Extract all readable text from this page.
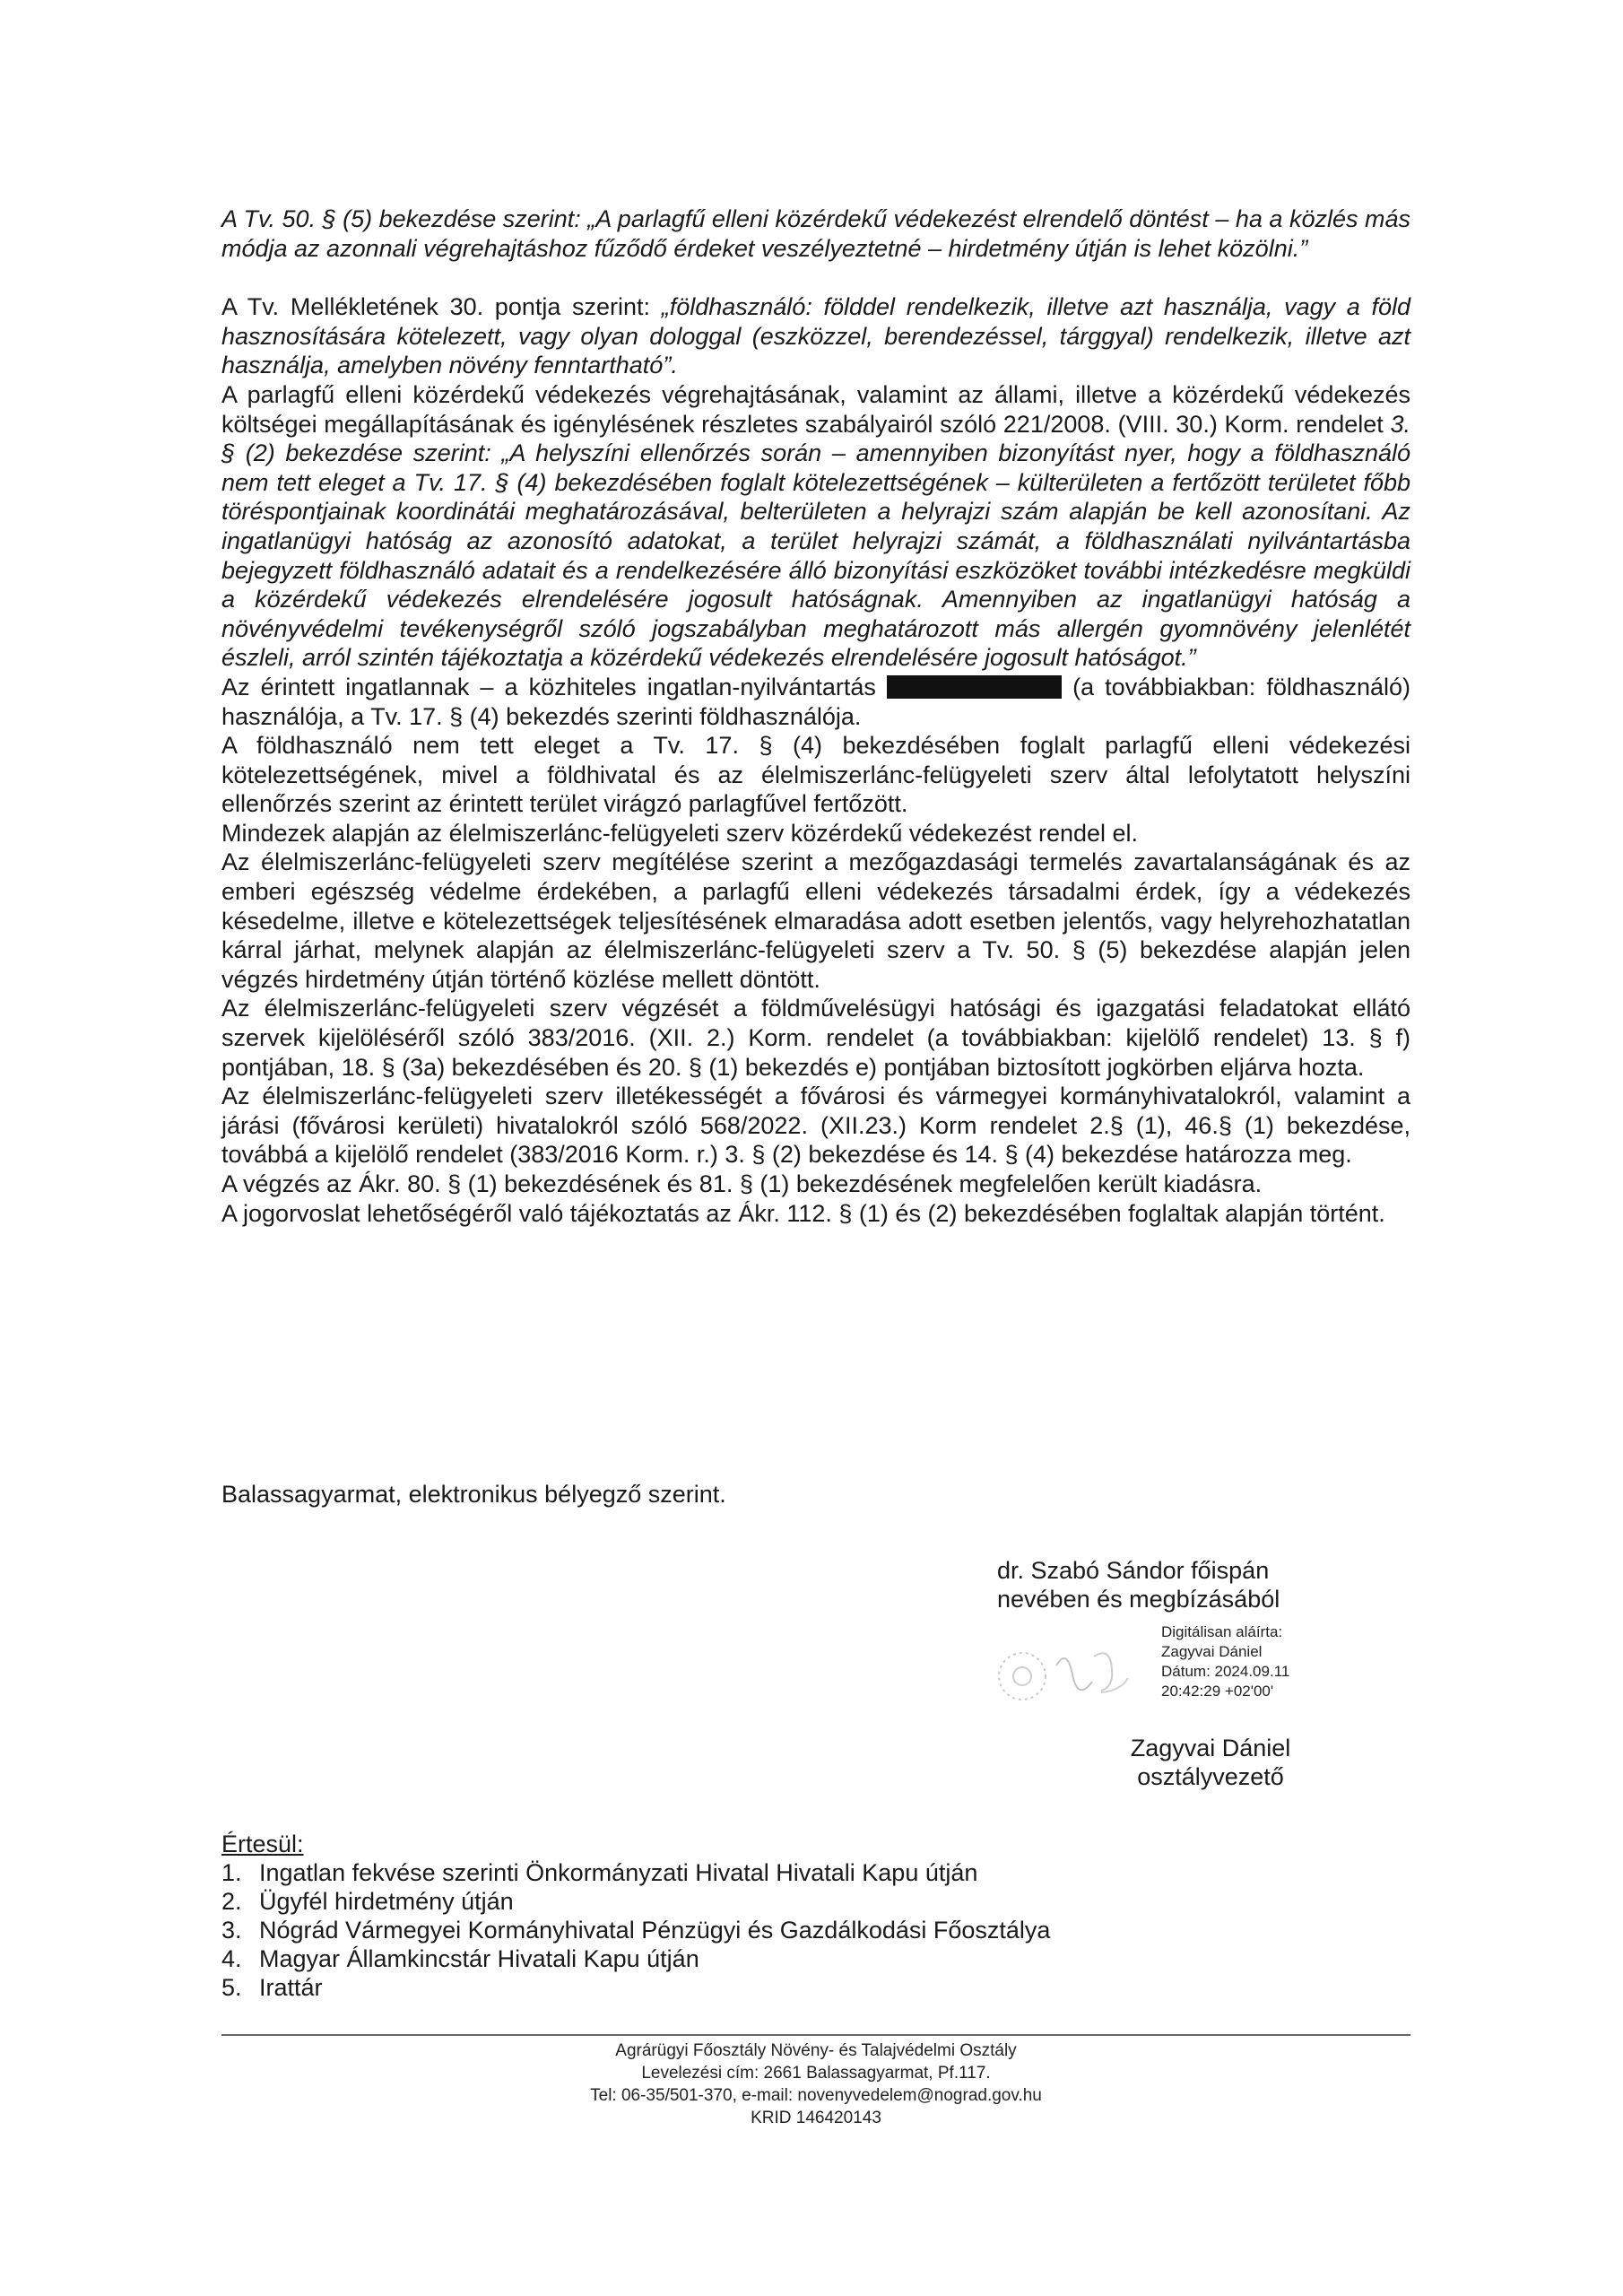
A Tv. 50. § (5) bekezdése szerint: „A parlagfű elleni közérdekű védekezést elrendelő döntést – ha a közlés más módja az azonnali végrehajtáshoz fűződő érdeket veszélyeztetné – hirdetmény útján is lehet közölni.”

A Tv. Mellékletének 30. pontja szerint: „földhasználó: földdel rendelkezik, illetve azt használja, vagy a föld hasznosítására kötelezett, vagy olyan dologgal (eszközzel, berendezéssel, tárggyal) rendelkezik, illetve azt használja, amelyben növény fenntartható”.

A parlagfű elleni közérdekű védekezés végrehajtásának, valamint az állami, illetve a közérdekű védekezés költségei megállapításának és igénylésének részletes szabályairól szóló 221/2008. (VIII. 30.) Korm. rendelet 3. § (2) bekezdése szerint: „A helyszíni ellenőrzés során – amennyiben bizonyítást nyer, hogy a földhasználó nem tett eleget a Tv. 17. § (4) bekezdésében foglalt kötelezettségének – külterületen a fertőzött területet főbb töréspontjainak koordinátái meghatározásával, belterületen a helyrajzi szám alapján be kell azonosítani. Az ingatlanügyi hatóság az azonosító adatokat, a terület helyrajzi számát, a földhasználati nyilvántartásba bejegyzett földhasználó adatait és a rendelkezésére álló bizonyítási eszközöket további intézkedésre megküldi a közérdekű védekezés elrendelésére jogosult hatóságnak. Amennyiben az ingatlanügyi hatóság a növényvédelmi tevékenységről szóló jogszabályban meghatározott más allergén gyomnövény jelenlétét észleli, arról szintén tájékoztatja a közérdekű védekezés elrendelésére jogosult hatóságot.”

Az érintett ingatlannak – a közhiteles ingatlan-nyilvántartás	(a továbbiakban: földhasználó) használója, a Tv. 17. § (4) bekezdés szerinti földhasználója.

A földhasználó nem tett eleget a Tv. 17. § (4) bekezdésében foglalt parlagfű elleni védekezési kötelezettségének, mivel a földhivatal és az élelmiszerlánc-felügyeleti szerv által lefolytatott helyszíni ellenőrzés szerint az érintett terület virágzó parlagfűvel fertőzött.

Mindezek alapján az élelmiszerlánc-felügyeleti szerv közérdekű védekezést rendel el.

Az élelmiszerlánc-felügyeleti szerv megítélése szerint a mezőgazdasági termelés zavartalanságának és az emberi egészség védelme érdekében, a parlagfű elleni védekezés társadalmi érdek, így a védekezés késedelme, illetve e kötelezettségek teljesítésének elmaradása adott esetben jelentős, vagy helyrehozhatatlan kárral járhat, melynek alapján az élelmiszerlánc-felügyeleti szerv a Tv. 50. § (5) bekezdése alapján jelen végzés hirdetmény útján történő közlése mellett döntött.

Az élelmiszerlánc-felügyeleti szerv végzését a földművelésügyi hatósági és igazgatási feladatokat ellátó szervek kijelöléséről szóló 383/2016. (XII. 2.) Korm. rendelet (a továbbiakban: kijelölő rendelet) 13. § f) pontjában, 18. § (3a) bekezdésében és 20. § (1) bekezdés e) pontjában biztosított jogkörben eljárva hozta.

Az élelmiszerlánc-felügyeleti szerv illetékességét a fővárosi és vármegyei kormányhivatalokról, valamint a járási (fővárosi kerületi) hivatalokról szóló 568/2022. (XII.23.) Korm rendelet 2.§ (1), 46.§ (1) bekezdése, továbbá a kijelölő rendelet (383/2016 Korm. r.) 3. § (2) bekezdése és 14. § (4) bekezdése határozza meg.

A végzés az Ákr. 80. § (1) bekezdésének és 81. § (1) bekezdésének megfelelően került kiadásra.

A jogorvoslat lehetőségéről való tájékoztatás az Ákr. 112. § (1) és (2) bekezdésében foglaltak alapján történt.

Balassagyarmat, elektronikus bélyegző szerint.

dr. Szabó Sándor főispán
nevében és megbízásából
Digitálisan aláírta:
Zagyvai Dániel
Dátum: 2024.09.11
20:42:29 +02'00'
Zagyvai Dániel
osztályvezető
Értesül:
1. Ingatlan fekvése szerinti Önkormányzati Hivatal Hivatali Kapu útján
2. Ügyfél hirdetmény útján
3. Nógrád Vármegyei Kormányhivatal Pénzügyi és Gazdálkodási Főosztálya
4. Magyar Államkincstár Hivatali Kapu útján
5. Irattár
Agrárügyi Főosztály Növény- és Talajvédelmi Osztály
Levelezési cím: 2661 Balassagyarmat, Pf.117.
Tel: 06-35/501-370, e-mail: novenyvedelem@nograd.gov.hu
KRID 146420143
